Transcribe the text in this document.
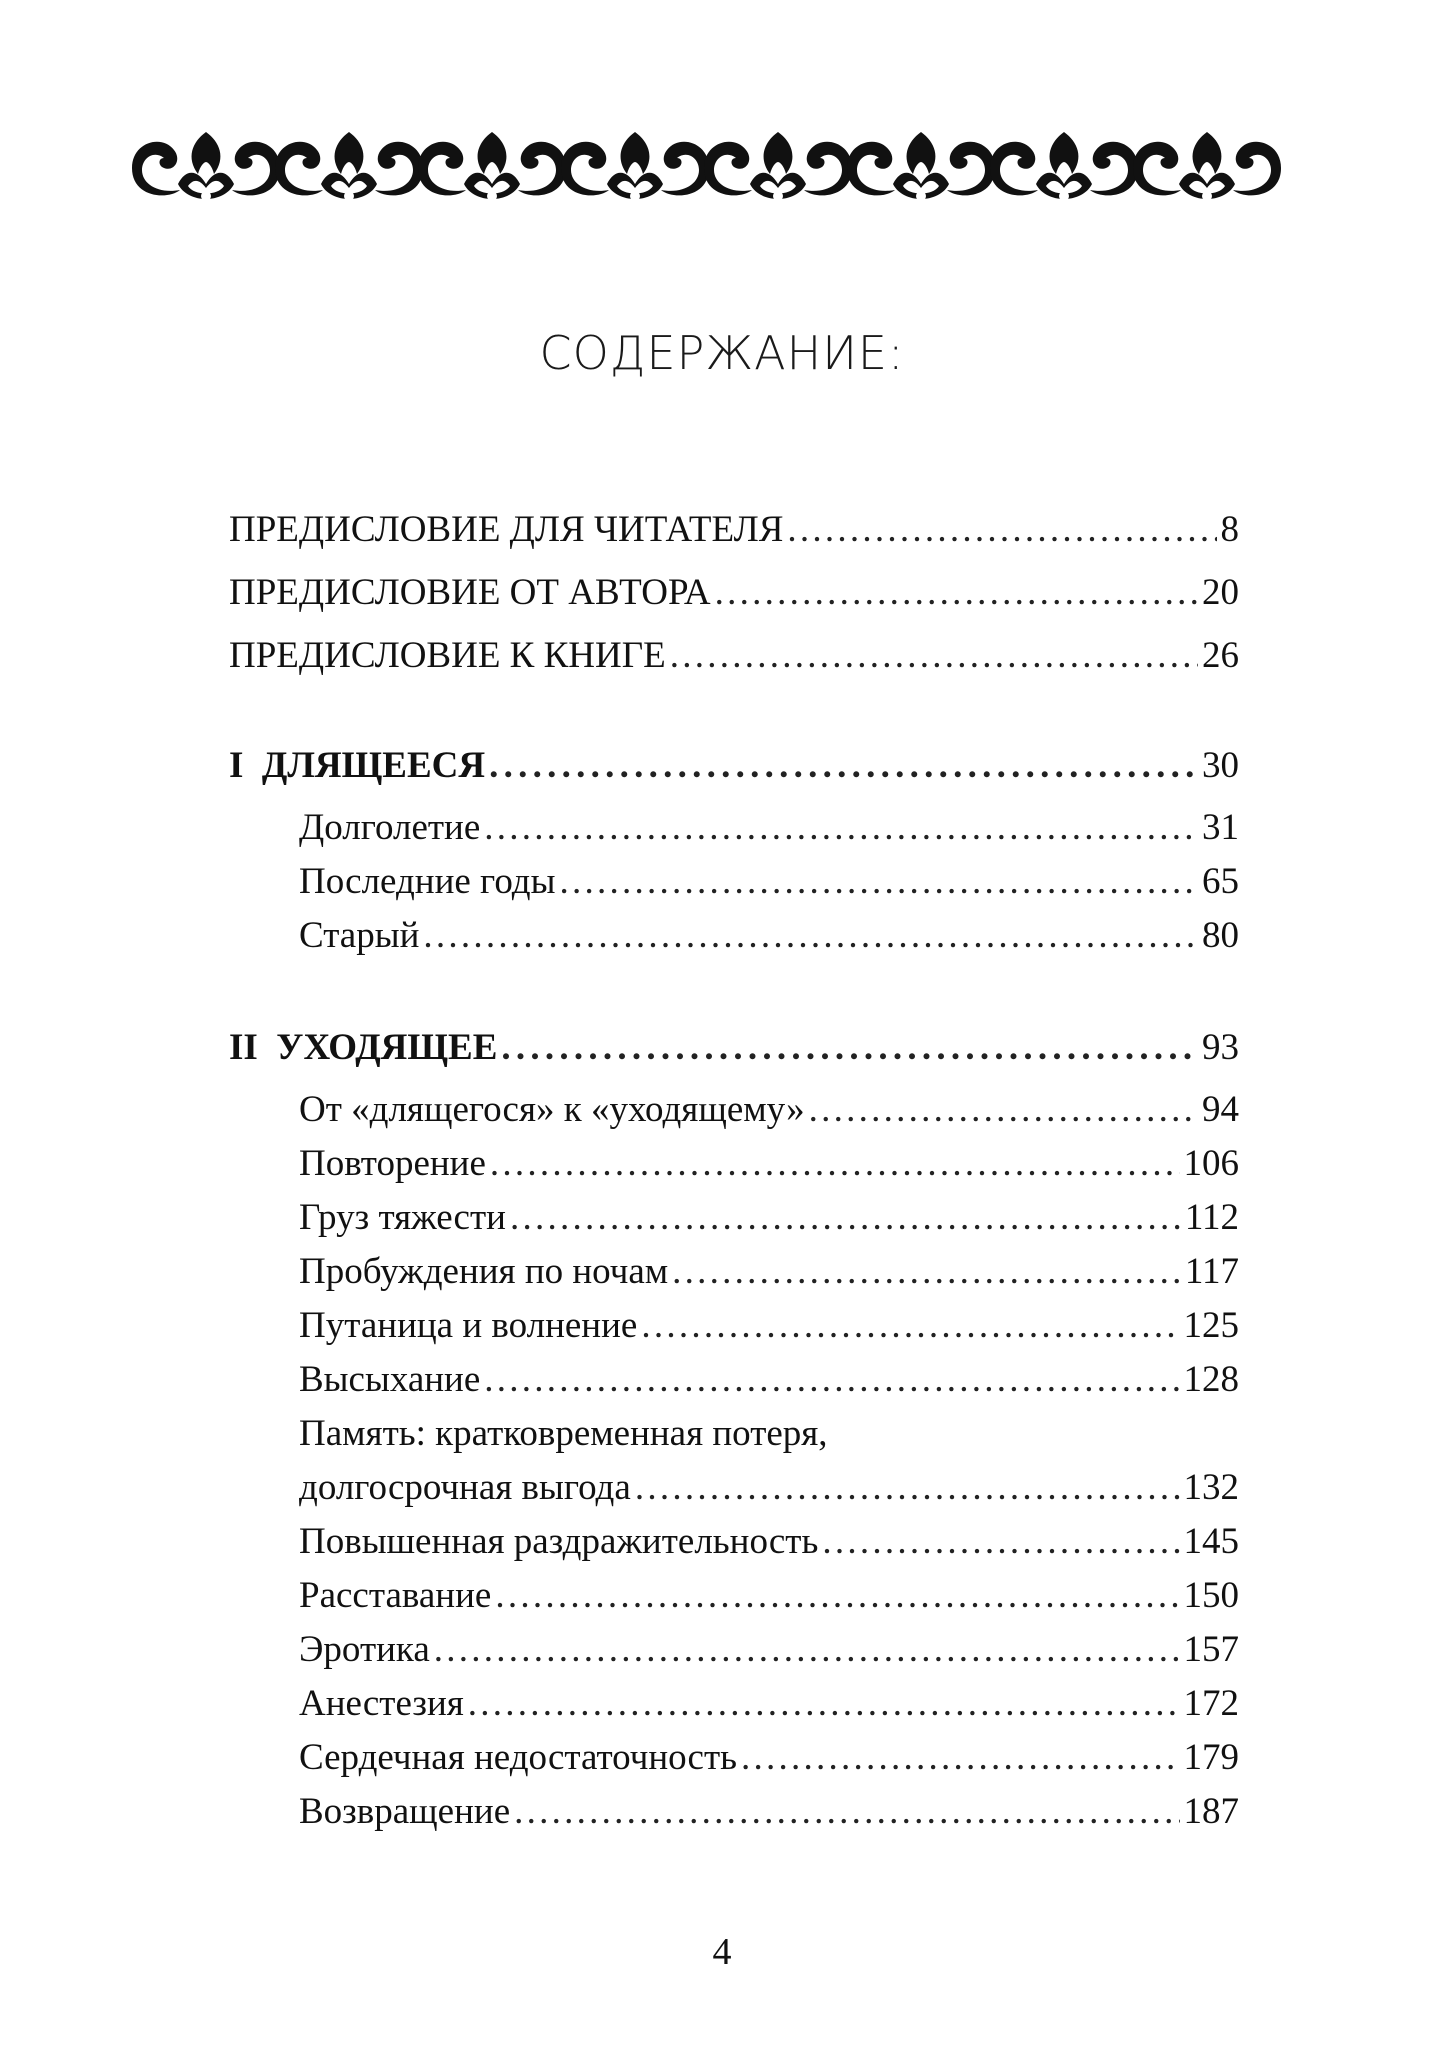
СОДЕРЖАНИЕ:
ПРЕДИСЛОВИЕ ДЛЯ ЧИТАТЕЛЯ . . .	8
ПРЕДИСЛОВИЕ ОТ АВТОРА . . .	20
ПРЕДИСЛОВИЕ К КНИГЕ . . .	26
I  ДЛЯЩЕЕСЯ . . .	30
Долголетие . . .	31
Последние годы . . .	65
Старый . . .	80
II  УХОДЯЩЕЕ . . .	93
От «длящегося» к «уходящему» . . .	94
Повторение . . .	106
Груз тяжести . . .	112
Пробуждения по ночам . . .	117
Путаница и волнение . . .	125
Высыхание . . .	128
Память: кратковременная потеря,
долгосрочная выгода . . .	132
Повышенная раздражительность . . .	145
Расставание . . .	150
Эротика . . .	157
Анестезия . . .	172
Сердечная недостаточность . . .	179
Возвращение . . .	187
4
